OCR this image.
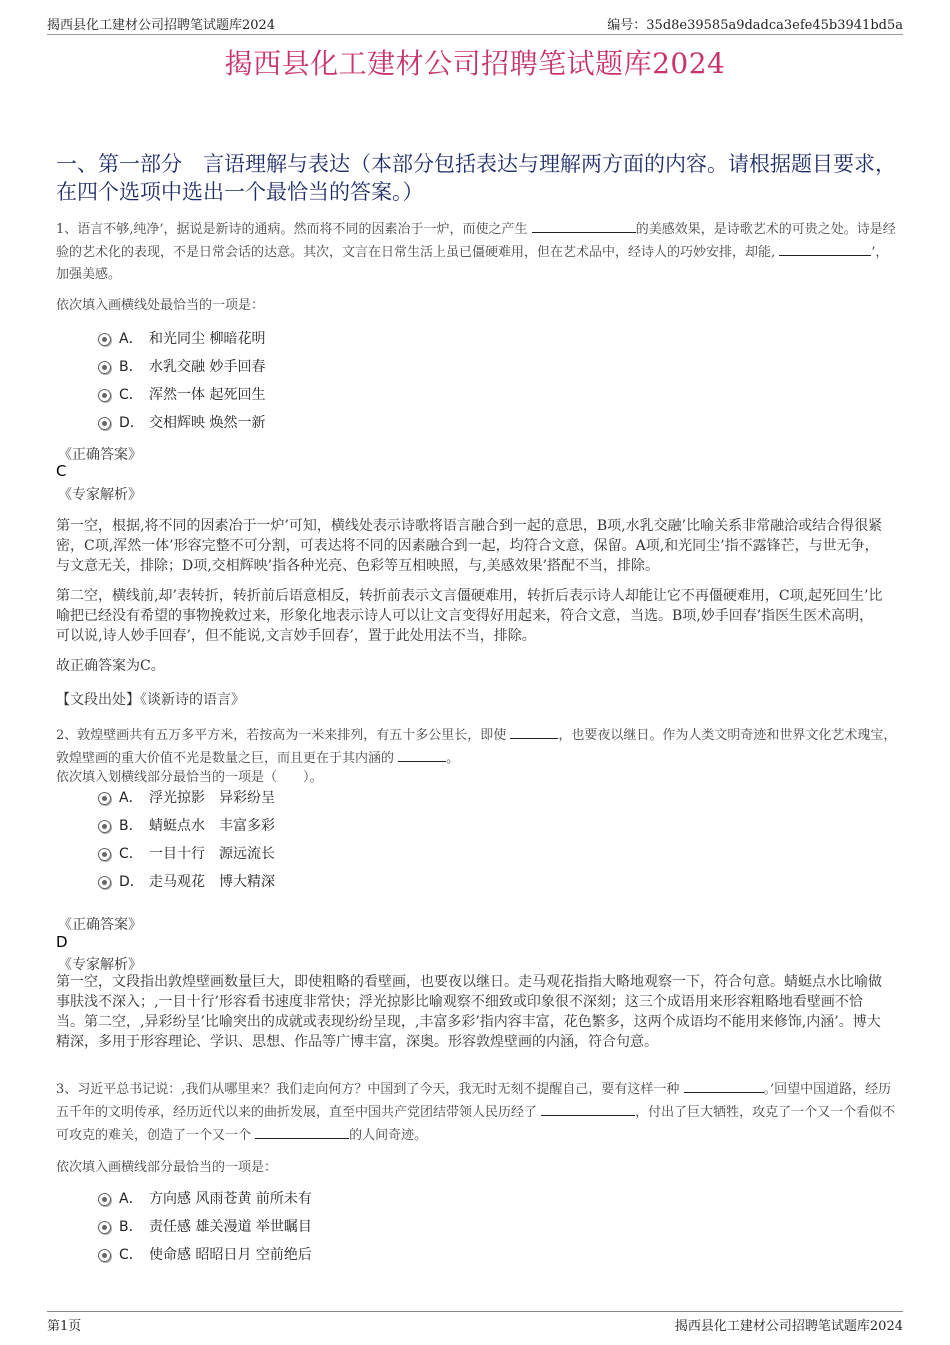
揭西县化工建材公司招聘笔试题库2024	编号：35d8e39585a9dadca3efe45b3941bd5a
揭西县化工建材公司招聘笔试题库2024
一、第一部分　言语理解与表达（本部分包括表达与理解两方面的内容。请根据题目要求，在四个选项中选出一个最恰当的答案。）
1、语言不够‚纯净’，据说是新诗的通病。然而将不同的因素冶于一炉，而使之产生	的美感效果，是诗歌艺术的可贵之处。诗是经验的艺术化的表现，不是日常会话的达意。其次，文言在日常生活上虽已僵硬难用，但在艺术品中，经诗人的巧妙安排，却能‚	’，加强美感。
依次填入画横线处最恰当的一项是：
A． 和光同尘 柳暗花明
B． 水乳交融 妙手回春
C． 浑然一体 起死回生
D． 交相辉映 焕然一新
《正确答案》
C
《专家解析》
第一空，根据‚将不同的因素冶于一炉’可知，横线处表示诗歌将语言融合到一起的意思，B项‚水乳交融’比喻关系非常融洽或结合得很紧密，C项‚浑然一体’形容完整不可分割，可表达将不同的因素融合到一起，均符合文意，保留。A项‚和光同尘’指不露锋芒，与世无争，与文意无关，排除；D项‚交相辉映’指各种光亮、色彩等互相映照，与‚美感效果’搭配不当，排除。
第二空，横线前‚却’表转折，转折前后语意相反，转折前表示文言僵硬难用，转折后表示诗人却能让它不再僵硬难用，C项‚起死回生’比喻把已经没有希望的事物挽救过来，形象化地表示诗人可以让文言变得好用起来，符合文意，当选。B项‚妙手回春’指医生医术高明，可以说‚诗人妙手回春’，但不能说‚文言妙手回春’，置于此处用法不当，排除。
故正确答案为C。
【文段出处】《谈新诗的语言》
2、敦煌壁画共有五万多平方米，若按高为一米来排列，有五十多公里长，即使	，也要夜以继日。作为人类文明奇迹和世界文化艺术瑰宝，敦煌壁画的重大价值不光是数量之巨，而且更在于其内涵的	。
依次填入划横线部分最恰当的一项是（　　）。
A． 浮光掠影　异彩纷呈
B． 蜻蜓点水　丰富多彩
C． 一目十行　源远流长
D． 走马观花　博大精深
《正确答案》
D
《专家解析》
第一空，文段指出敦煌壁画数量巨大，即使粗略的看壁画，也要夜以继日。走马观花指指大略地观察一下，符合句意。蜻蜓点水比喻做事肤浅不深入；‚一目十行’形容看书速度非常快；浮光掠影比喻观察不细致或印象很不深刻；这三个成语用来形容粗略地看壁画不恰当。第二空，‚异彩纷呈’比喻突出的成就或表现纷纷呈现，‚丰富多彩’指内容丰富，花色繁多，这两个成语均不能用来修饰‚内涵’。博大精深，多用于形容理论、学识、思想、作品等广博丰富，深奥。形容敦煌壁画的内涵，符合句意。
3、习近平总书记说：‚我们从哪里来？我们走向何方？中国到了今天，我无时无刻不提醒自己，要有这样一种	。’回望中国道路，经历五千年的文明传承，经历近代以来的曲折发展，直至中国共产党团结带领人民历经了	，付出了巨大牺牲，攻克了一个又一个看似不可攻克的难关，创造了一个又一个	的人间奇迹。
依次填入画横线部分最恰当的一项是：
A． 方向感 风雨苍黄 前所未有
B． 责任感 雄关漫道 举世瞩目
C． 使命感 昭昭日月 空前绝后
第1页	揭西县化工建材公司招聘笔试题库2024
